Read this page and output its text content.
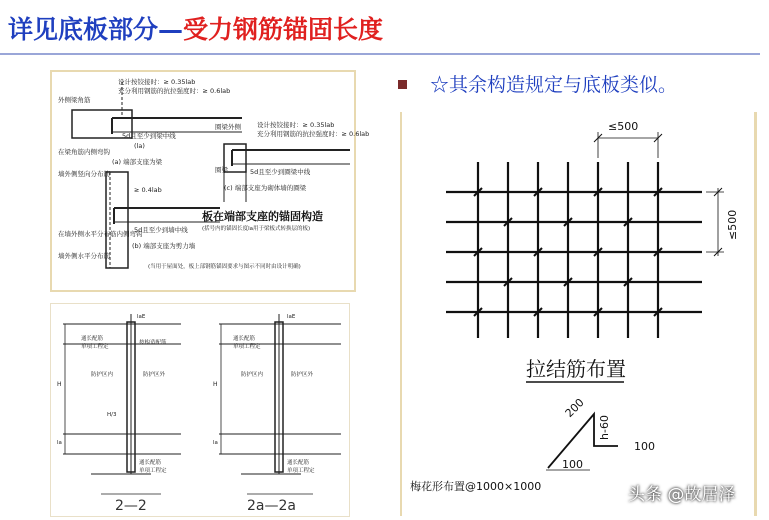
详见底板部分—受力钢筋锚固长度
设计按铰接时：≥ 0.35lab
充分利用钢筋的抗拉强度时：≥ 0.6lab
外侧梁角筋
在梁角筋内侧弯钩
5d且至少到梁中线
(la)
(a) 端部支座为梁
圈梁外侧
圈梁
设计按铰接时：≥ 0.35lab
充分利用钢筋的抗拉强度时：≥ 0.6lab
5d且至少到圈梁中线
(c) 端部支座为砌体墙的圈梁
墙外侧竖向分布筋
≥ 0.4lab
5d且至少到墙中线
在墙外侧水平分布筋内侧弯钩
墙外侧水平分布筋
(b) 端部支座为剪力墙
板在端部支座的锚固构造
(括号内的锚固长度la用于梁板式转换层的板)
(当用于屋面处，板上部钢筋锚固要求与图示不同时由设计明确)
laE
通长配筋
单项工程定
按构造配筋
防护区内	防护区外
H
H/3
la
通长配筋
单项工程定
2—2
laE
通长配筋
单项工程定
防护区内	防护区外
H
la
通长配筋
单项工程定
2a—2a
☆其余构造规定与底板类似。
≤500
≤500
拉结筋布置
200
h-60
100
100
梅花形布置@1000×1000	头条 @故居泽
